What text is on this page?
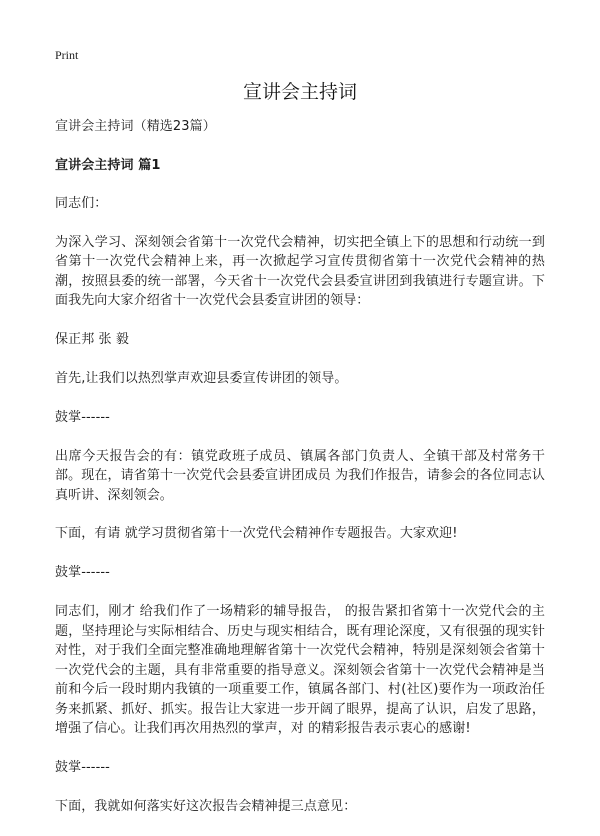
Print
宣讲会主持词

宣讲会主持词（精选23篇）

宣讲会主持词 篇1

同志们：

为深入学习、深刻领会省第十一次党代会精神，切实把全镇上下的思想和行动统一到省第十一次党代会精神上来，再一次掀起学习宣传贯彻省第十一次党代会精神的热潮，按照县委的统一部署，今天省十一次党代会县委宣讲团到我镇进行专题宣讲。下面我先向大家介绍省十一次党代会县委宣讲团的领导：

保正邦 张 毅

首先,让我们以热烈掌声欢迎县委宣传讲团的领导。

鼓掌------

出席今天报告会的有：镇党政班子成员、镇属各部门负责人、全镇干部及村常务干部。现在，请省第十一次党代会县委宣讲团成员 为我们作报告，请参会的各位同志认真听讲、深刻领会。

下面，有请 就学习贯彻省第十一次党代会精神作专题报告。大家欢迎!

鼓掌------

同志们，刚才 给我们作了一场精彩的辅导报告， 的报告紧扣省第十一次党代会的主题，坚持理论与实际相结合、历史与现实相结合，既有理论深度，又有很强的现实针对性，对于我们全面完整准确地理解省第十一次党代会精神，特别是深刻领会省第十一次党代会的主题，具有非常重要的指导意义。深刻领会省第十一次党代会精神是当前和今后一段时期内我镇的一项重要工作，镇属各部门、村(社区)要作为一项政治任务来抓紧、抓好、抓实。报告让大家进一步开阔了眼界，提高了认识，启发了思路，增强了信心。让我们再次用热烈的掌声，对 的精彩报告表示衷心的感谢!

鼓掌------

下面，我就如何落实好这次报告会精神提三点意见：
